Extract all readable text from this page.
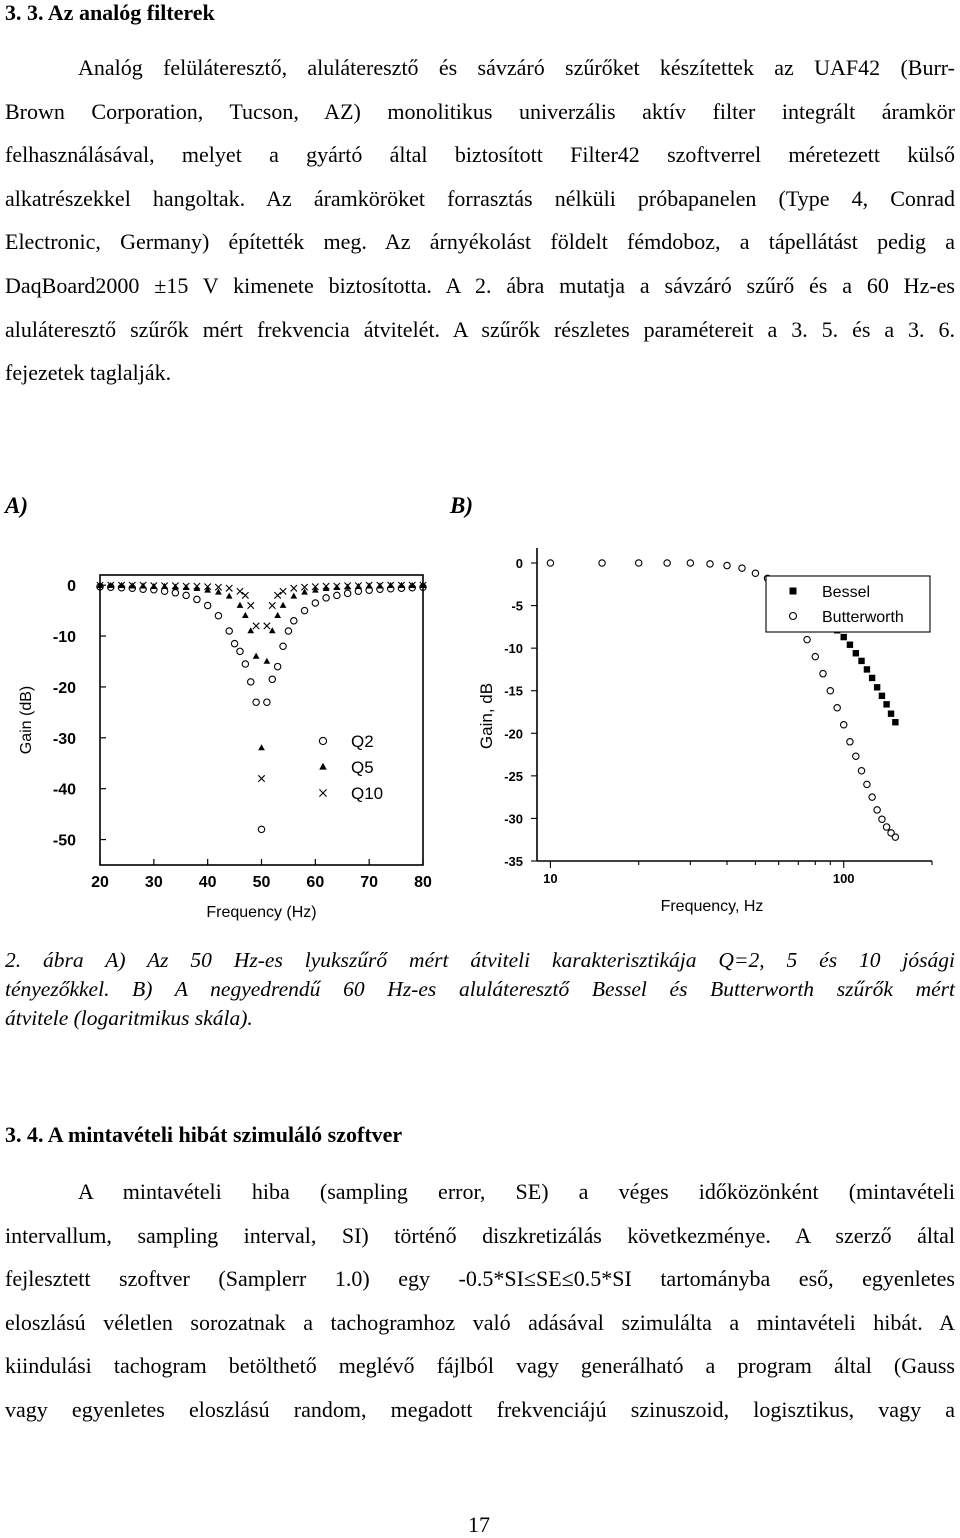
3. 3. Az analóg filterek
Analóg felüláteresztő, aluláteresztő és sávzáró szűrőket készítettek az UAF42 (Burr-
Brown Corporation, Tucson, AZ) monolitikus univerzális aktív filter integrált áramkör
felhasználásával, melyet a gyártó által biztosított Filter42 szoftverrel méretezett külső
alkatrészekkel hangoltak. Az áramköröket forrasztás nélküli próbapanelen (Type 4, Conrad
Electronic, Germany) építették meg. Az árnyékolást földelt fémdoboz, a tápellátást pedig a
DaqBoard2000 ±15 V kimenete biztosította. A 2. ábra mutatja a sávzáró szűrő és a 60 Hz-es
aluláteresztő szűrők mért frekvencia átvitelét. A szűrők részletes paramétereit a 3. 5. és a 3. 6.
fejezetek taglalják.
A)	B)
20 30 40 50 60 70 80
0
-10
-20
-30
-40
-50
Frequency (Hz)
Gain (dB)	Q2
Q5
Q10
10	100
0
-5
-10
-15
-20
-25
-30
-35
Frequency, Hz
Gain, dB
Bessel
Butterworth
2. ábra A) Az 50 Hz-es lyukszűrő mért átviteli karakterisztikája Q=2, 5 és 10 jósági
tényezőkkel. B) A negyedrendű 60 Hz-es aluláteresztő Bessel és Butterworth szűrők mért
átvitele (logaritmikus skála).
3. 4. A mintavételi hibát szimuláló szoftver
A mintavételi hiba (sampling error, SE) a véges időközönként (mintavételi
intervallum, sampling interval, SI) történő diszkretizálás következménye. A szerző által
fejlesztett szoftver (Samplerr 1.0) egy -0.5*SI≤SE≤0.5*SI tartományba eső, egyenletes
eloszlású véletlen sorozatnak a tachogramhoz való adásával szimulálta a mintavételi hibát. A
kiindulási tachogram betölthető meglévő fájlból vagy generálható a program által (Gauss
vagy egyenletes eloszlású random, megadott frekvenciájú szinuszoid, logisztikus, vagy a
17
